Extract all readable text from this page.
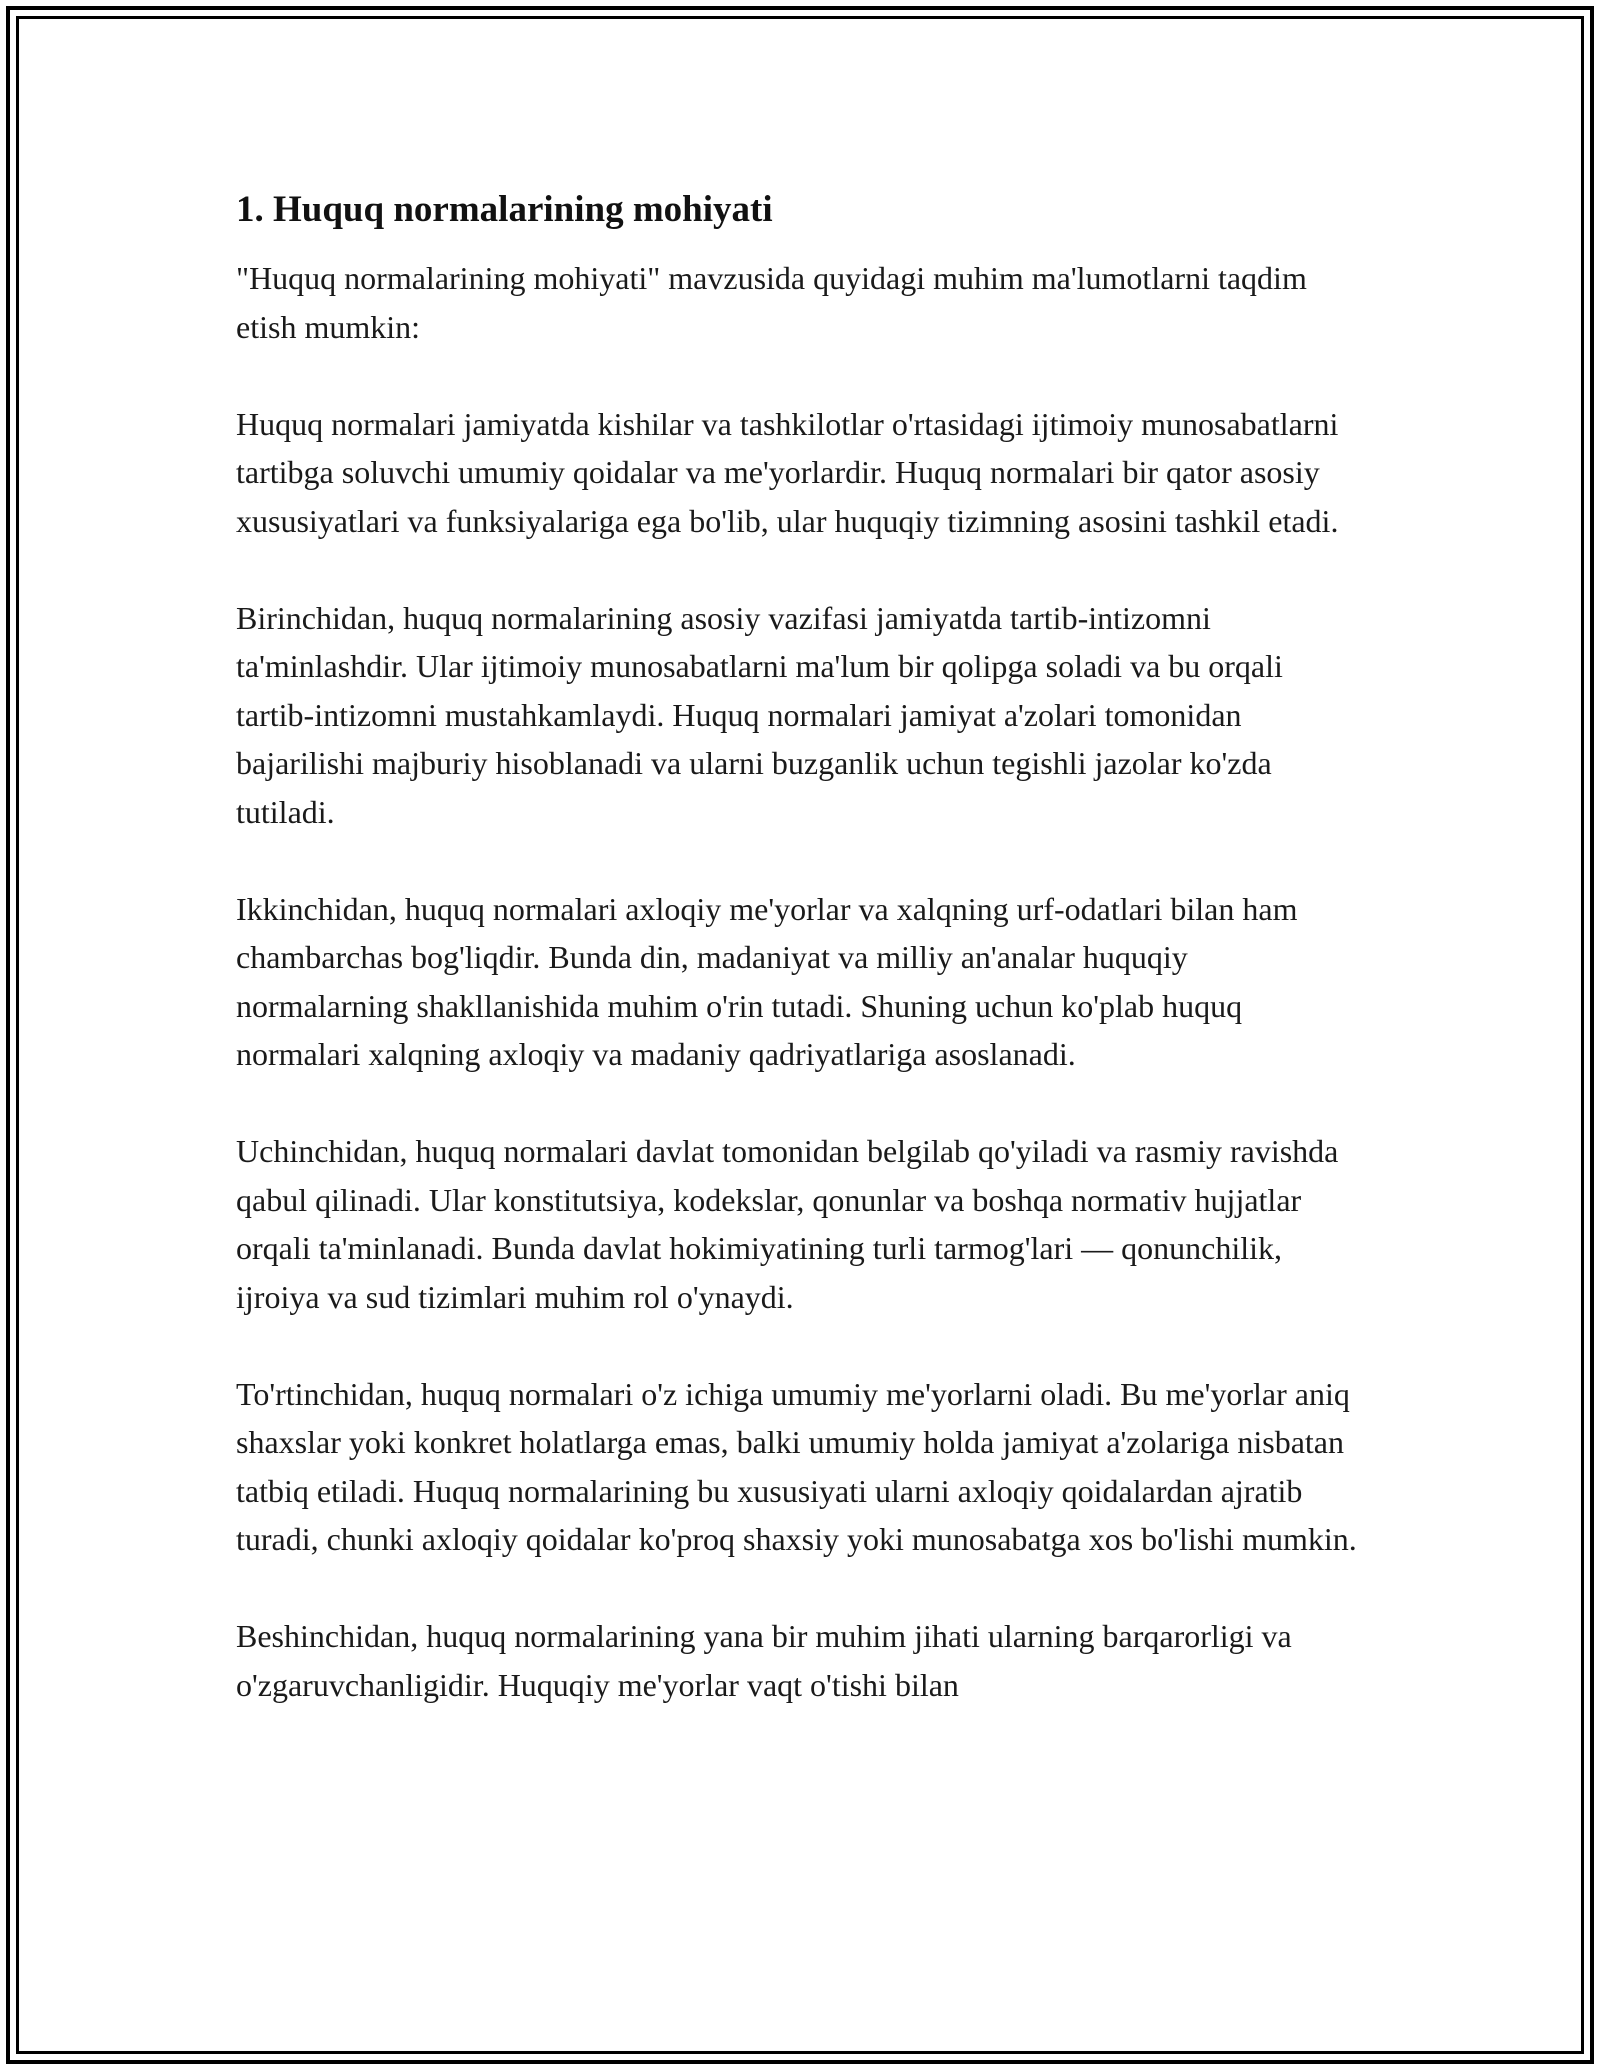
1. Huquq normalarining mohiyati

"Huquq normalarining mohiyati" mavzusida quyidagi muhim ma'lumotlarni taqdim etish mumkin:

Huquq normalari jamiyatda kishilar va tashkilotlar o'rtasidagi ijtimoiy munosabatlarni tartibga soluvchi umumiy qoidalar va me'yorlardir. Huquq normalari bir qator asosiy xususiyatlari va funksiyalariga ega bo'lib, ular huquqiy tizimning asosini tashkil etadi.

Birinchidan, huquq normalarining asosiy vazifasi jamiyatda tartib-intizomni ta'minlashdir. Ular ijtimoiy munosabatlarni ma'lum bir qolipga soladi va bu orqali tartib-intizomni mustahkamlaydi. Huquq normalari jamiyat a'zolari tomonidan bajarilishi majburiy hisoblanadi va ularni buzganlik uchun tegishli jazolar ko'zda tutiladi.

Ikkinchidan, huquq normalari axloqiy me'yorlar va xalqning urf-odatlari bilan ham chambarchas bog'liqdir. Bunda din, madaniyat va milliy an'analar huquqiy normalarning shakllanishida muhim o'rin tutadi. Shuning uchun ko'plab huquq normalari xalqning axloqiy va madaniy qadriyatlariga asoslanadi.

Uchinchidan, huquq normalari davlat tomonidan belgilab qo'yiladi va rasmiy ravishda qabul qilinadi. Ular konstitutsiya, kodekslar, qonunlar va boshqa normativ hujjatlar orqali ta'minlanadi. Bunda davlat hokimiyatining turli tarmog'lari — qonunchilik, ijroiya va sud tizimlari muhim rol o'ynaydi.

To'rtinchidan, huquq normalari o'z ichiga umumiy me'yorlarni oladi. Bu me'yorlar aniq shaxslar yoki konkret holatlarga emas, balki umumiy holda jamiyat a'zolariga nisbatan tatbiq etiladi. Huquq normalarining bu xususiyati ularni axloqiy qoidalardan ajratib turadi, chunki axloqiy qoidalar ko'proq shaxsiy yoki munosabatga xos bo'lishi mumkin.

Beshinchidan, huquq normalarining yana bir muhim jihati ularning barqarorligi va o'zgaruvchanligidir. Huquqiy me'yorlar vaqt o'tishi bilan
